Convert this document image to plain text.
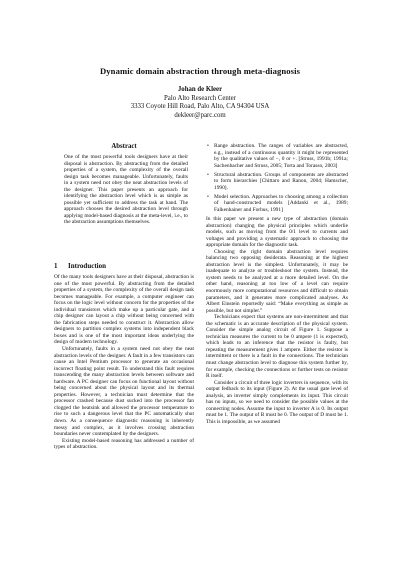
Dynamic domain abstraction through meta-diagnosis
Johan de Kleer
Palo Alto Research Center
3333 Coyote Hill Road, Palo Alto, CA 94304 USA
dekleer@parc.com
Abstract
One of the most powerful tools designers have at their disposal is abstraction. By abstracting from the detailed properties of a system, the complexity of the overall design task becomes manageable. Unfortunately, faults in a system need not obey the neat abstraction levels of the designer. This paper presents an approach for identifying the abstraction level which is as simple as possible yet sufficient to address the task at hand. The approach chooses the desired abstraction level through applying model-based diagnosis at the meta-level, i.e., to the abstraction assumptions themselves.
1 Introduction

Of the many tools designers have at their disposal, abstraction is one of the most powerful. By abstracting from the detailed properties of a system, the complexity of the overall design task becomes manageable. For example, a computer engineer can focus on the logic level without concern for the properties of the individual transistors which make up a particular gate, and a chip designer can layout a chip without being concerned with the fabrication steps needed to construct it. Abstraction allow designers to partition complex systems into independent black boxes and is one of the most important ideas underlying the design of modern technology.

Unfortunately, faults in a system need not obey the neat abstraction levels of the designer. A fault in a few transistors can cause an Intel Pentium processor to generate an occasional incorrect floating point result. To understand this fault requires transcending the many abstraction levels between software and hardware. A PC designer can focus on functional layout without being concerned about the physical layout and its thermal properties. However, a technician must determine that the processor crashed because dust sucked into the processor fan clogged the heatsink and allowed the processor temperature to rise to such a dangerous level that the PC automatically shut down. As a consequence diagnostic reasoning is inherently messy and complex, as it involves crossing abstraction boundaries never contemplated by the designers.

Existing model-based reasoning has addressed a number of types of abstraction.

• Range abstraction. The ranges of variables are abstracted, e.g., instead of a continuous quantity it might be represented by the qualitative values of −, 0 or +. [Struss, 1991b; 1991a; Sachenbacher and Struss, 2005; Torta and Torasso, 2003]
• Structural abstraction. Groups of components are abstracted to form hierarchies [Chittaro and Ranon, 2004; Hamscher, 1990].
• Model selection. Approaches to choosing among a collection of hand-constructed models [Addanki et al., 1989; Falkenhainer and Forbus, 1991]

In this paper we present a new type of abstraction (domain abstraction) changing the physical principles which underlie models, such as moving from the 0/1 level to currents and voltages and providing a systematic approach to choosing the appropriate domain for the diagnostic task.

Choosing the right domain abstraction level requires balancing two opposing desiderata. Reasoning at the highest abstraction level is the simplest. Unfortunately, it may be inadequate to analyze or troubleshoot the system. Instead, the system needs to be analyzed at a more detailed level. On the other hand, reasoning at too low of a level can require enormously more computational resources and difficult to obtain parameters, and it generates more complicated analyses. As Albert Einstein reportedly said: “Make everything as simple as possible, but not simpler.”

Technicians expect that systems are non-intermittent and that the schematic is an accurate description of the physical system. Consider the simple analog circuit of Figure 1. Suppose a technician measures the current to be 0 ampere (1 is expected), which leads to an inference that the resistor is faulty, but repeating the measurement gives 1 ampere. Either the resistor is intermittent or there is a fault in the connections. The technician must change abstraction level to diagnose this system further by, for example, checking the connections or further tests on resistor R itself.

Consider a circuit of three logic inverters in sequence, with its output fedback to its input (Figure 2). At the usual gate level of analysis, an inverter simply complements its input. This circuit has no inputs, so we need to consider the possible values at the connecting nodes. Assume the input to inverter A is 0. Its output must be 1. The output of B must be 0. The output of D must be 1. This is impossible, as we assumed
